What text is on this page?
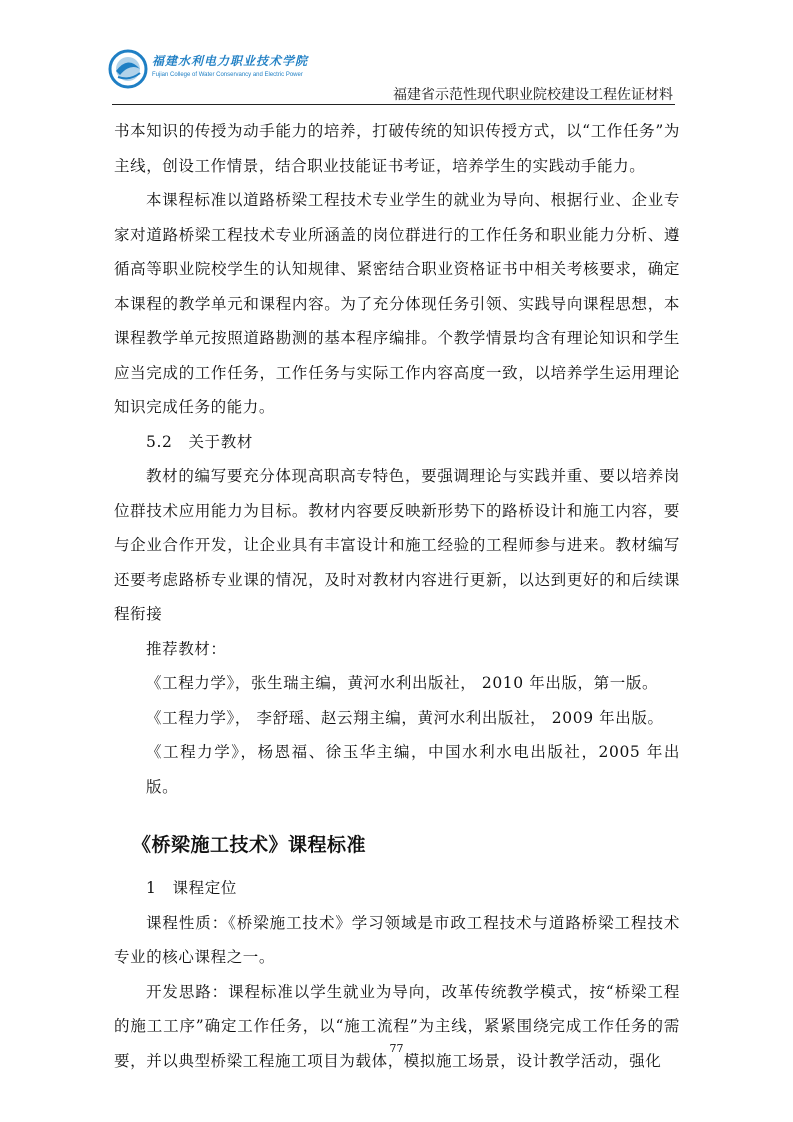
福建水利电力职业技术学院
Fujian College of Water Conservancy and Electric Power
福建省示范性现代职业院校建设工程佐证材料

书本知识的传授为动手能力的培养，打破传统的知识传授方式，以“工作任务”为主线，创设工作情景，结合职业技能证书考证，培养学生的实践动手能力。

本课程标准以道路桥梁工程技术专业学生的就业为导向、根据行业、企业专家对道路桥梁工程技术专业所涵盖的岗位群进行的工作任务和职业能力分析、遵循高等职业院校学生的认知规律、紧密结合职业资格证书中相关考核要求，确定本课程的教学单元和课程内容。为了充分体现任务引领、实践导向课程思想，本课程教学单元按照道路勘测的基本程序编排。个教学情景均含有理论知识和学生应当完成的工作任务，工作任务与实际工作内容高度一致，以培养学生运用理论知识完成任务的能力。

5.2　关于教材

教材的编写要充分体现高职高专特色，要强调理论与实践并重、要以培养岗位群技术应用能力为目标。教材内容要反映新形势下的路桥设计和施工内容，要与企业合作开发，让企业具有丰富设计和施工经验的工程师参与进来。教材编写还要考虑路桥专业课的情况，及时对教材内容进行更新，以达到更好的和后续课程衔接

推荐教材：

《工程力学》，张生瑞主编，黄河水利出版社， 2010 年出版，第一版。

《工程力学》， 李舒瑶、赵云翔主编，黄河水利出版社， 2009 年出版。

《工程力学》，杨恩福、徐玉华主编，中国水利水电出版社，2005 年出版。

《桥梁施工技术》课程标准

1　课程定位

课程性质：《桥梁施工技术》学习领域是市政工程技术与道路桥梁工程技术专业的核心课程之一。

开发思路：课程标准以学生就业为导向，改革传统教学模式，按“桥梁工程的施工工序”确定工作任务，以“施工流程”为主线，紧紧围绕完成工作任务的需要，并以典型桥梁工程施工项目为载体，模拟施工场景，设计教学活动，强化

77
